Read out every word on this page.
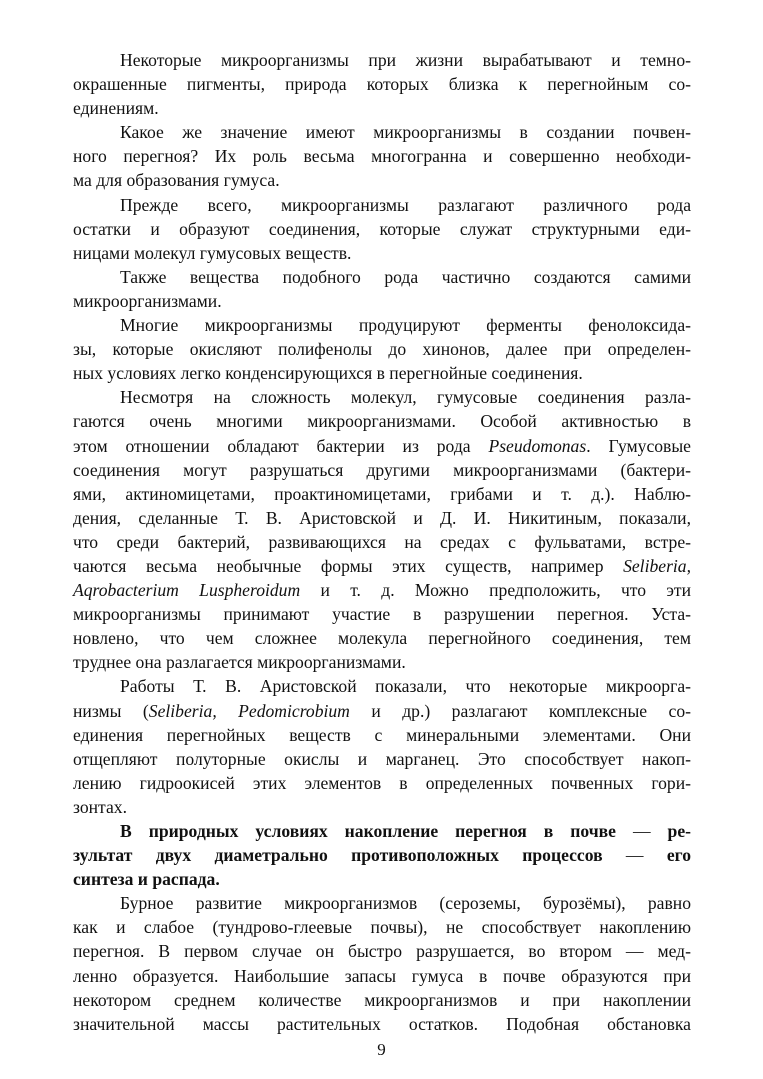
Некоторые микроорганизмы при жизни вырабатывают и темно-
окрашенные пигменты, природа которых близка к перегнойным со-
единениям.
Какое же значение имеют микроорганизмы в создании почвен-
ного перегноя? Их роль весьма многогранна и совершенно необходи-
ма для образования гумуса.
Прежде всего, микроорганизмы разлагают различного рода
остатки и образуют соединения, которые служат структурными еди-
ницами молекул гумусовых веществ.
Также вещества подобного рода частично создаются самими
микроорганизмами.
Многие микроорганизмы продуцируют ферменты фенолоксида-
зы, которые окисляют полифенолы до хинонов, далее при определен-
ных условиях легко конденсирующихся в перегнойные соединения.
Несмотря на сложность молекул, гумусовые соединения разла-
гаются очень многими микроорганизмами. Особой активностью в
этом отношении обладают бактерии из рода Pseudomonas. Гумусовые
соединения могут разрушаться другими микроорганизмами (бактери-
ями, актиномицетами, проактиномицетами, грибами и т. д.). Наблю-
дения, сделанные Т. В. Аристовской и Д. И. Никитиным, показали,
что среди бактерий, развивающихся на средах с фульватами, встре-
чаются весьма необычные формы этих существ, например Seliberia,
Aqrobacterium Luspheroidum и т. д. Можно предположить, что эти
микроорганизмы принимают участие в разрушении перегноя. Уста-
новлено, что чем сложнее молекула перегнойного соединения, тем
труднее она разлагается микроорганизмами.
Работы Т. В. Аристовской показали, что некоторые микроорга-
низмы (Seliberia, Pedomicrobium и др.) разлагают комплексные со-
единения перегнойных веществ с минеральными элементами. Они
отщепляют полуторные окислы и марганец. Это способствует накоп-
лению гидроокисей этих элементов в определенных почвенных гори-
зонтах.
В природных условиях накопление перегноя в почве — ре-
зультат двух диаметрально противоположных процессов — его
синтеза и распада.
Бурное развитие микроорганизмов (сероземы, бурозёмы), равно
как и слабое (тундрово-глеевые почвы), не способствует накоплению
перегноя. В первом случае он быстро разрушается, во втором — мед-
ленно образуется. Наибольшие запасы гумуса в почве образуются при
некотором среднем количестве микроорганизмов и при накоплении
значительной массы растительных остатков. Подобная обстановка
9
